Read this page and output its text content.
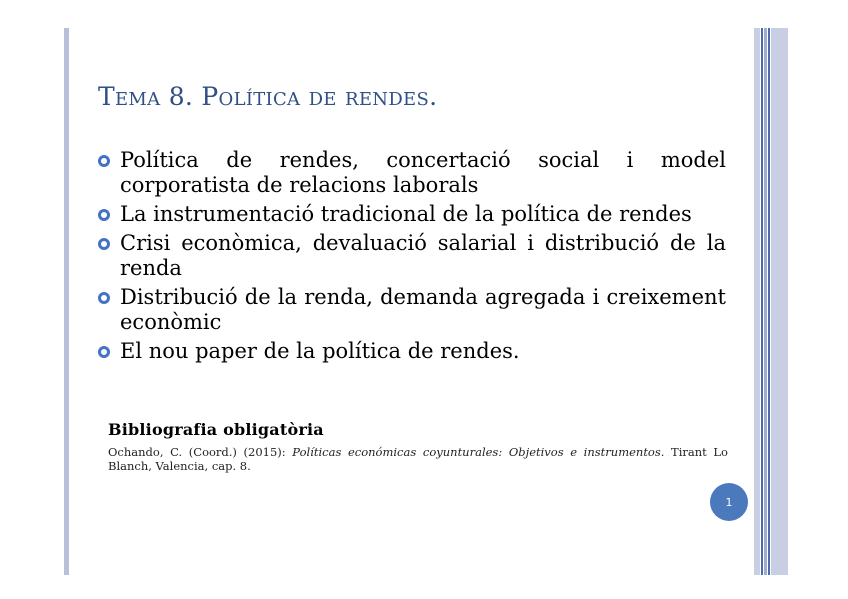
Tema 8. Política de rendes.
Política de rendes, concertació social i model corporatista de relacions laborals
La instrumentació tradicional de la política de rendes
Crisi econòmica, devaluació salarial i distribució de la renda
Distribució de la renda, demanda agregada i creixement econòmic
El nou paper de la política de rendes.

Bibliografia obligatòria

Ochando, C. (Coord.) (2015): Políticas económicas coyunturales: Objetivos e instrumentos. Tirant Lo Blanch, Valencia, cap. 8.

1
